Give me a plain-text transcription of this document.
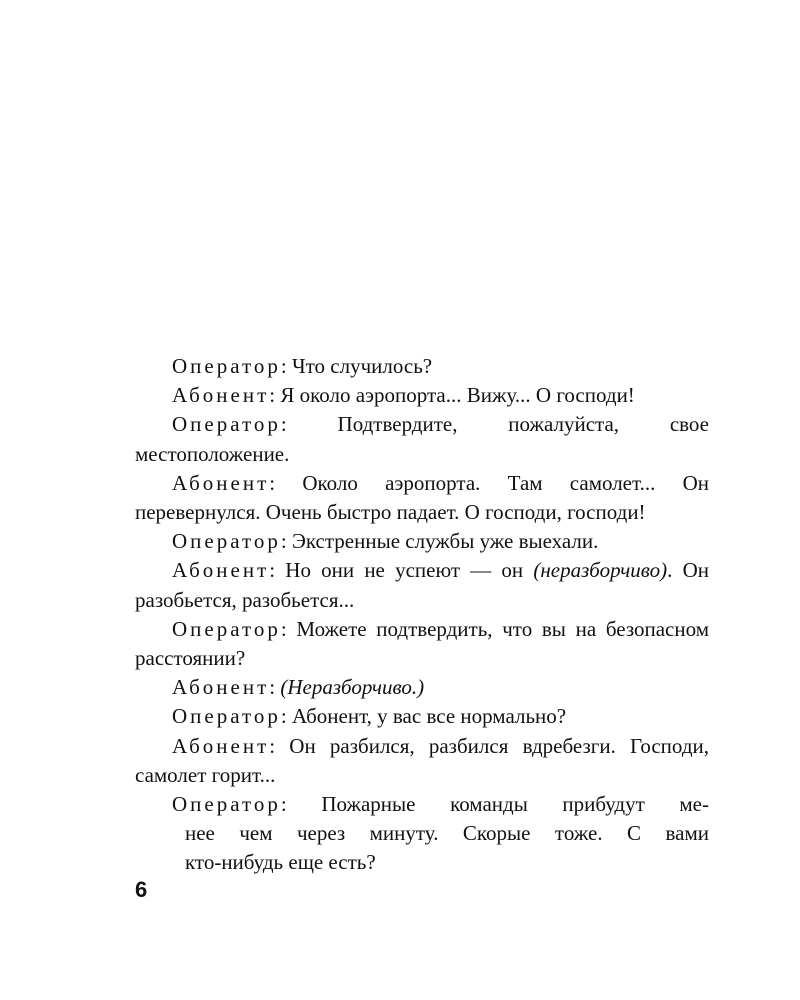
Оператор: Что случилось?

Абонент: Я около аэропорта... Вижу... О господи!

Оператор: Подтвердите, пожалуйста, свое местоположение.

Абонент: Около аэропорта. Там самолет... Он перевернулся. Очень быстро падает. О господи, господи!

Оператор: Экстренные службы уже выехали.

Абонент: Но они не успеют — он (неразборчиво). Он разобьется, разобьется...

Оператор: Можете подтвердить, что вы на безопасном расстоянии?

Абонент: (Неразборчиво.)

Оператор: Абонент, у вас все нормально?

Абонент: Он разбился, разбился вдребезги. Господи, самолет горит...

Оператор: Пожарные команды прибудут ме-
нее чем через минуту. Скорые тоже. С вами
кто-нибудь еще есть?

6
